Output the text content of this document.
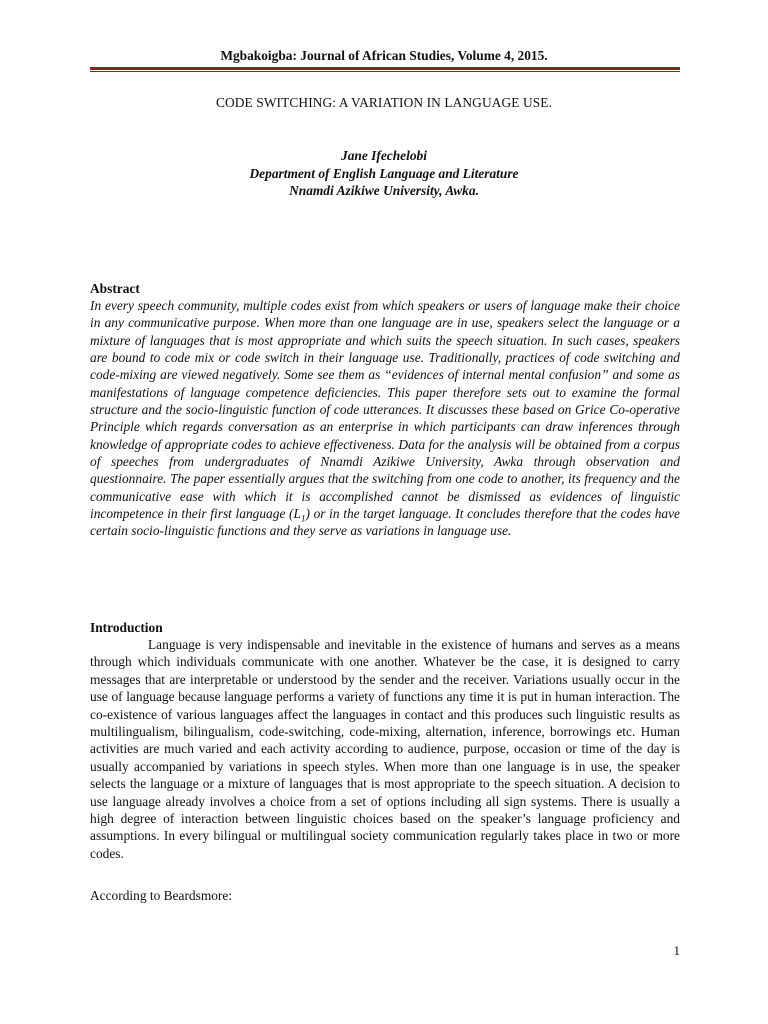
Mgbakoigba: Journal of African Studies, Volume 4, 2015.
CODE SWITCHING: A VARIATION IN LANGUAGE USE.
Jane Ifechelobi
Department of English Language and Literature
Nnamdi Azikiwe University, Awka.
Abstract
In every speech community, multiple codes exist from which speakers or users of language make their choice in any communicative purpose. When more than one language are in use, speakers select the language or a mixture of languages that is most appropriate and which suits the speech situation. In such cases, speakers are bound to code mix or code switch in their language use. Traditionally, practices of code switching and code-mixing are viewed negatively. Some see them as “evidences of internal mental confusion” and some as manifestations of language competence deficiencies. This paper therefore sets out to examine the formal structure and the socio-linguistic function of code utterances. It discusses these based on Grice Co-operative Principle which regards conversation as an enterprise in which participants can draw inferences through knowledge of appropriate codes to achieve effectiveness. Data for the analysis will be obtained from a corpus of speeches from undergraduates of Nnamdi Azikiwe University, Awka through observation and questionnaire. The paper essentially argues that the switching from one code to another, its frequency and the communicative ease with which it is accomplished cannot be dismissed as evidences of linguistic incompetence in their first language $(L_1)$ or in the target language. It concludes therefore that the codes have certain socio-linguistic functions and they serve as variations in language use.
Introduction
Language is very indispensable and inevitable in the existence of humans and serves as a means through which individuals communicate with one another. Whatever be the case, it is designed to carry messages that are interpretable or understood by the sender and the receiver. Variations usually occur in the use of language because language performs a variety of functions any time it is put in human interaction. The co-existence of various languages affect the languages in contact and this produces such linguistic results as multilingualism, bilingualism, code-switching, code-mixing, alternation, inference, borrowings etc. Human activities are much varied and each activity according to audience, purpose, occasion or time of the day is usually accompanied by variations in speech styles. When more than one language is in use, the speaker selects the language or a mixture of languages that is most appropriate to the speech situation. A decision to use language already involves a choice from a set of options including all sign systems. There is usually a high degree of interaction between linguistic choices based on the speaker’s language proficiency and assumptions. In every bilingual or multilingual society communication regularly takes place in two or more codes.
According to Beardsmore:
1
